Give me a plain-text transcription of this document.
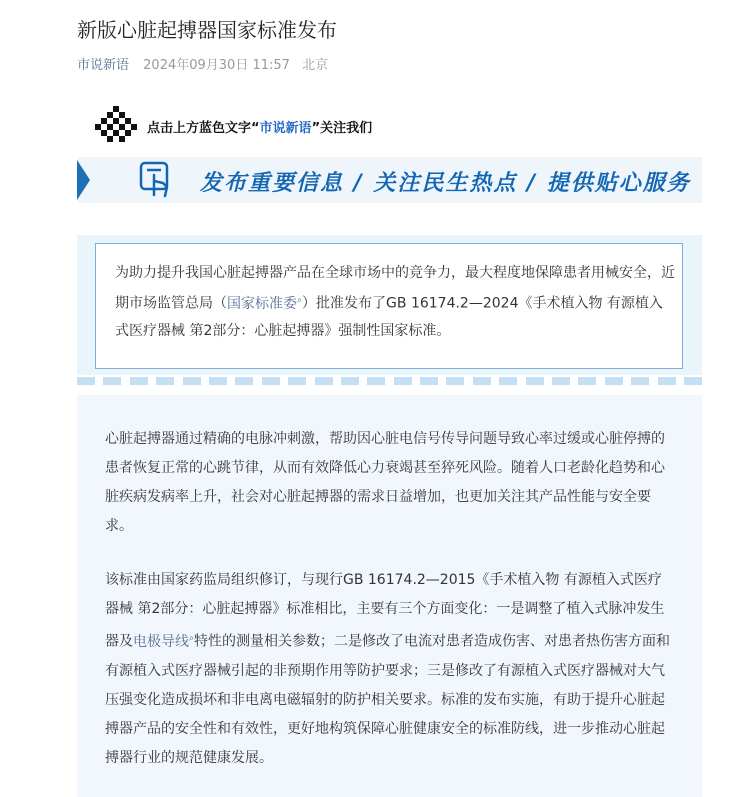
新版心脏起搏器国家标准发布
市说新语 2024年09月30日 11:57 北京
点击上方蓝色文字“市说新语”关注我们
发布重要信息 / 关注民生热点 / 提供贴心服务
为助力提升我国心脏起搏器产品在全球市场中的竞争力，最大程度地保障患者用械安全，近期市场监管总局（国家标准委⌕）批准发布了GB 16174.2—2024《手术植入物 有源植入式医疗器械 第2部分：心脏起搏器》强制性国家标准。

心脏起搏器通过精确的电脉冲刺激，帮助因心脏电信号传导问题导致心率过缓或心脏停搏的患者恢复正常的心跳节律，从而有效降低心力衰竭甚至猝死风险。随着人口老龄化趋势和心脏疾病发病率上升，社会对心脏起搏器的需求日益增加，也更加关注其产品性能与安全要求。

该标准由国家药监局组织修订，与现行GB 16174.2—2015《手术植入物 有源植入式医疗器械 第2部分：心脏起搏器》标准相比，主要有三个方面变化：一是调整了植入式脉冲发生器及电极导线⌕特性的测量相关参数；二是修改了电流对患者造成伤害、对患者热伤害方面和有源植入式医疗器械引起的非预期作用等防护要求；三是修改了有源植入式医疗器械对大气压强变化造成损坏和非电离电磁辐射的防护相关要求。标准的发布实施，有助于提升心脏起搏器产品的安全性和有效性，更好地构筑保障心脏健康安全的标准防线，进一步推动心脏起搏器行业的规范健康发展。
